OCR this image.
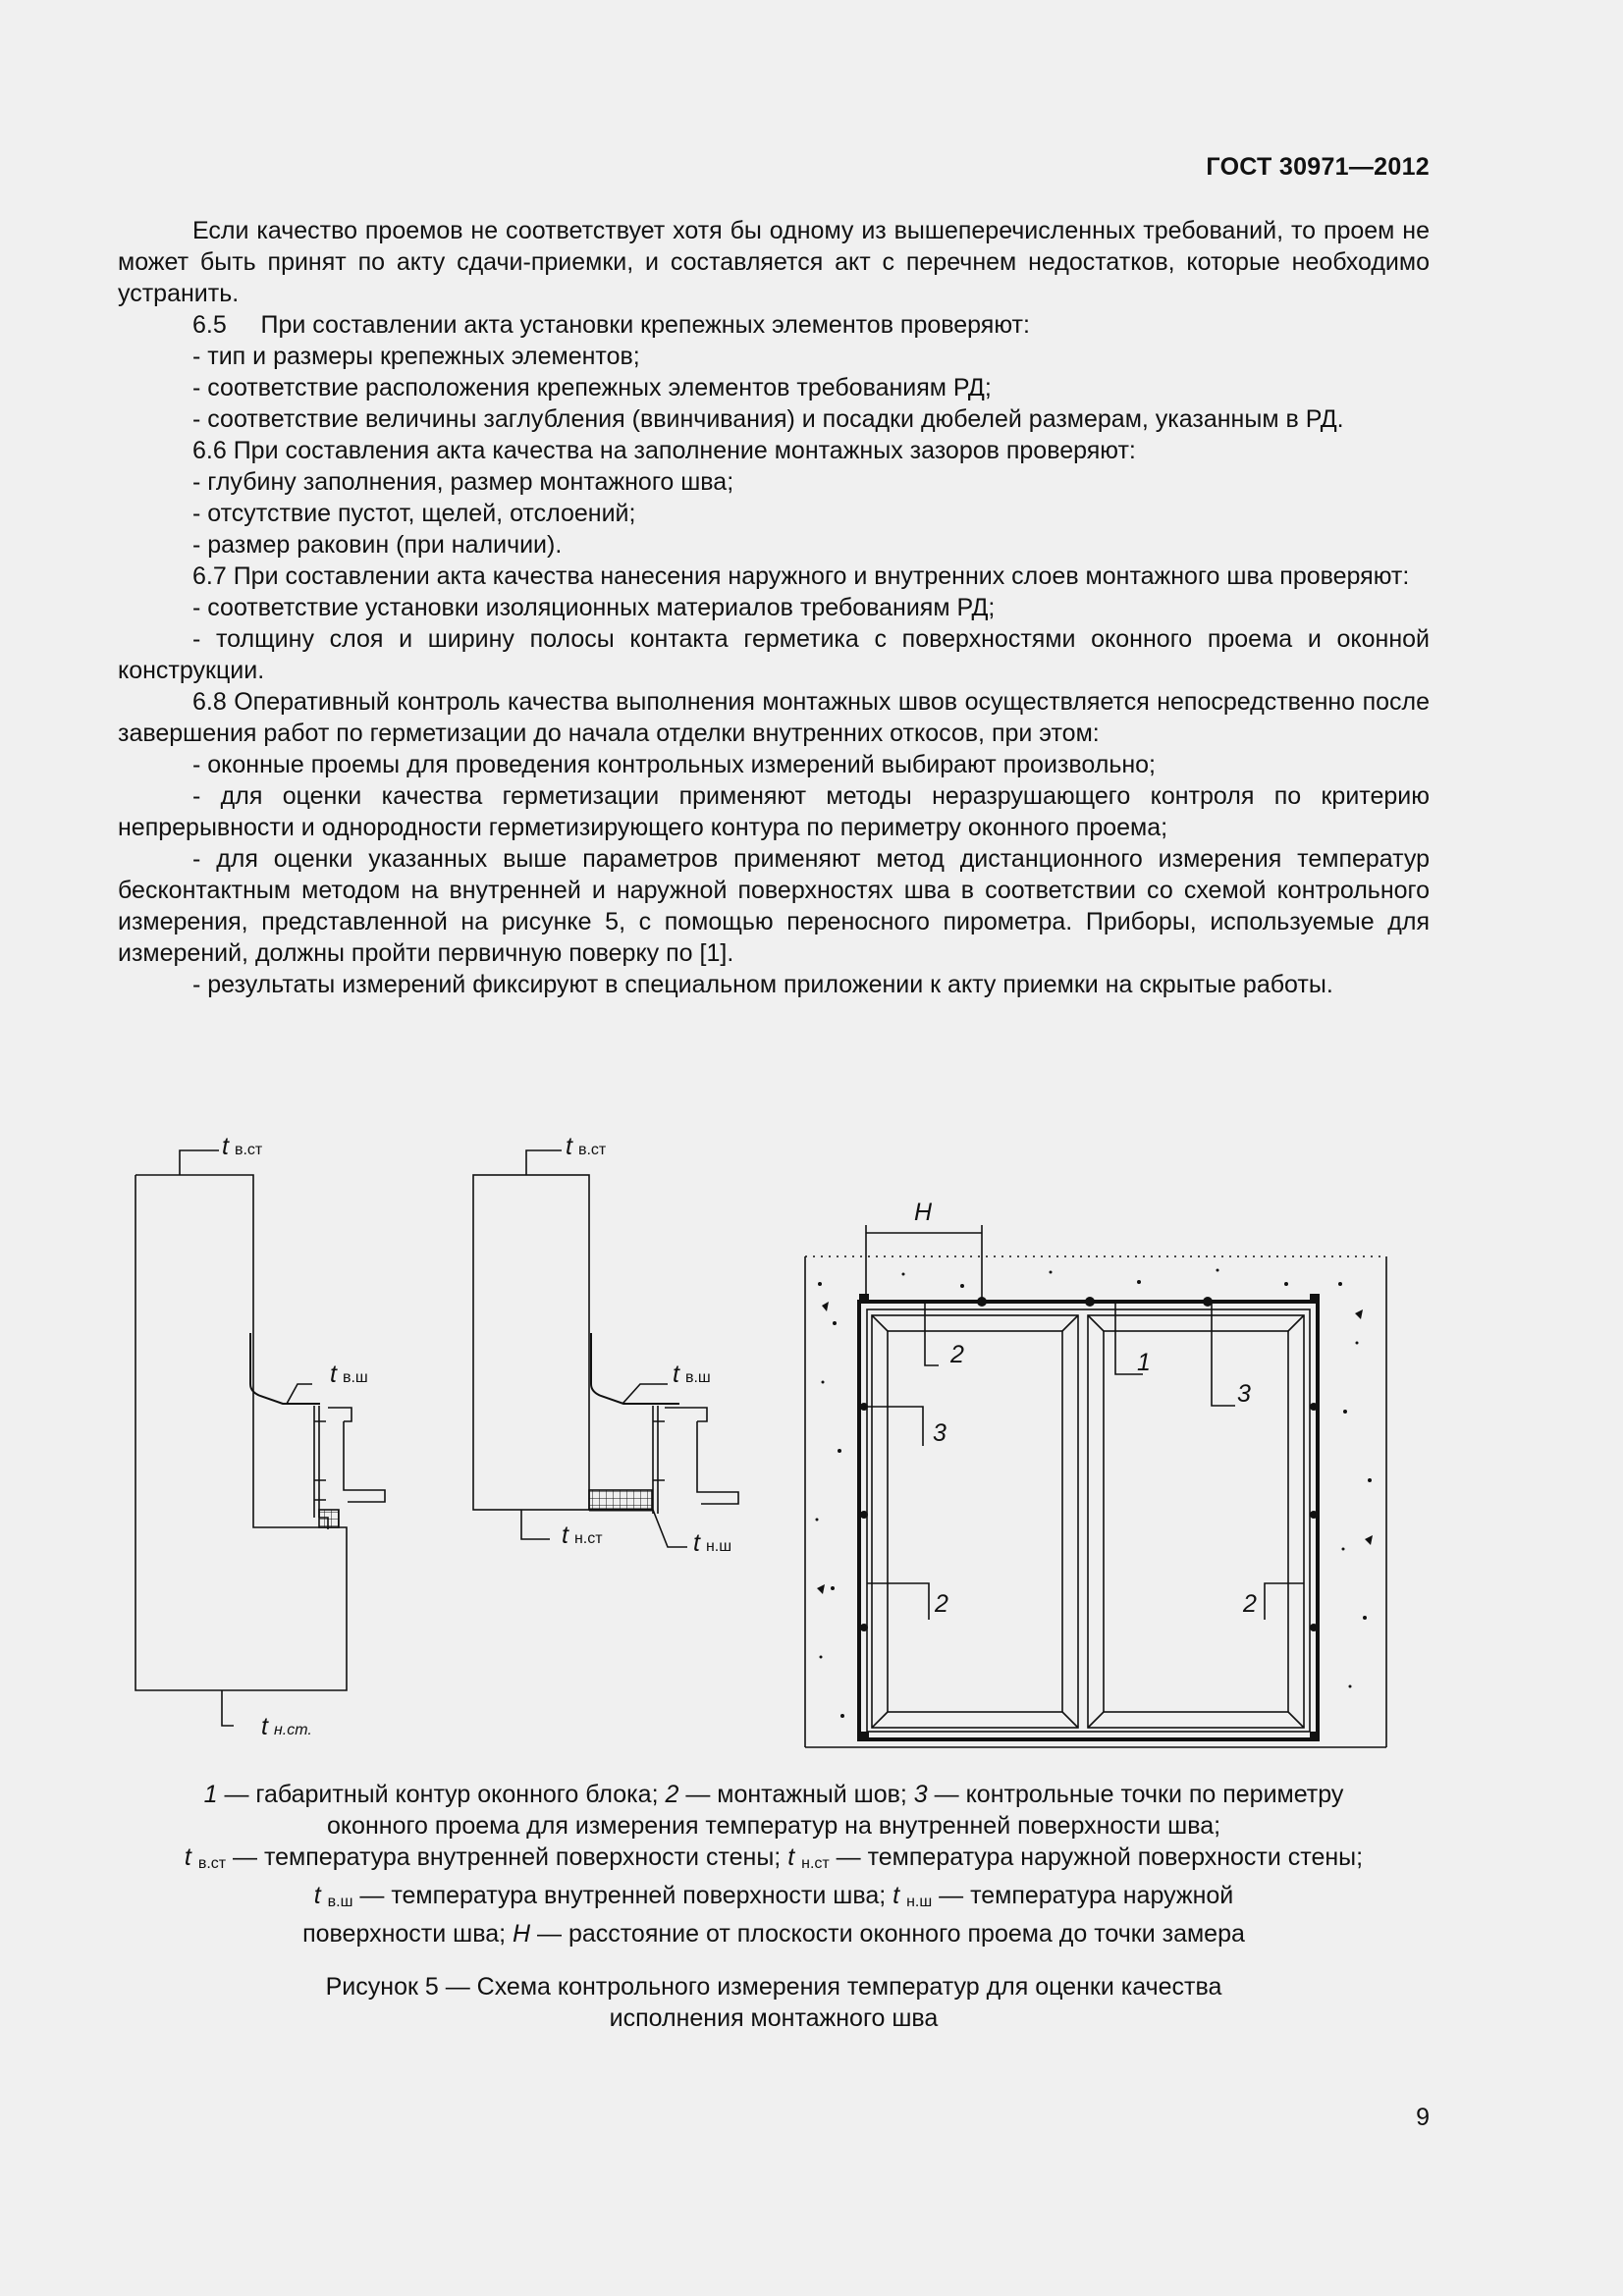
ГОСТ 30971—2012

Если качество проемов не соответствует хотя бы одному из вышеперечисленных требований, то проем не может быть принят по акту сдачи-приемки, и составляется акт с перечнем недостатков, которые необходимо устранить.

6.5     При составлении акта установки крепежных элементов проверяют:

- тип и размеры крепежных элементов;

- соответствие расположения крепежных элементов требованиям РД;

- соответствие величины заглубления (ввинчивания) и посадки дюбелей размерам, указанным в РД.

6.6 При составления акта качества на заполнение монтажных зазоров проверяют:

- глубину заполнения, размер монтажного шва;

- отсутствие пустот, щелей, отслоений;

- размер раковин (при наличии).

6.7 При составлении акта качества нанесения наружного и внутренних слоев монтажного шва проверяют:

- соответствие установки изоляционных материалов требованиям РД;

- толщину слоя и ширину полосы контакта герметика с поверхностями оконного проема и оконной конструкции.

6.8 Оперативный контроль качества выполнения монтажных швов осуществляется непосредственно после завершения работ по герметизации до начала отделки внутренних откосов, при этом:

- оконные проемы для проведения контрольных измерений выбирают произвольно;

- для оценки качества герметизации применяют методы неразрушающего контроля по критерию непрерывности и однородности герметизирующего контура по периметру оконного проема;

- для оценки указанных выше параметров применяют метод дистанционного измерения температур бесконтактным методом на внутренней и наружной поверхностях шва в соответствии со схемой контрольного измерения, представленной на рисунке 5, с помощью переносного пирометра. Приборы, используемые для измерений, должны пройти первичную поверку по [1].

- результаты измерений фиксируют в специальном приложении к акту приемки на скрытые работы.

tв.ст
tв.ш
tн.ст.
tв.ст
tв.ш
tн.ст	tн.ш
H
2	1
3
3
2	2

1 — габаритный контур оконного блока; 2 — монтажный шов; 3 — контрольные точки по периметру

оконного проема для измерения температур на внутренней поверхности шва;

t $_{в.ст}$ — температура внутренней поверхности стены; t $_{н.ст}$ — температура наружной поверхности стены;

t $_{в.ш}$ — температура внутренней поверхности шва; t $_{н.ш}$ — температура наружной

поверхности шва; H — расстояние от плоскости оконного проема до точки замера

Рисунок 5 — Схема контрольного измерения температур для оценки качества

исполнения монтажного шва

9
